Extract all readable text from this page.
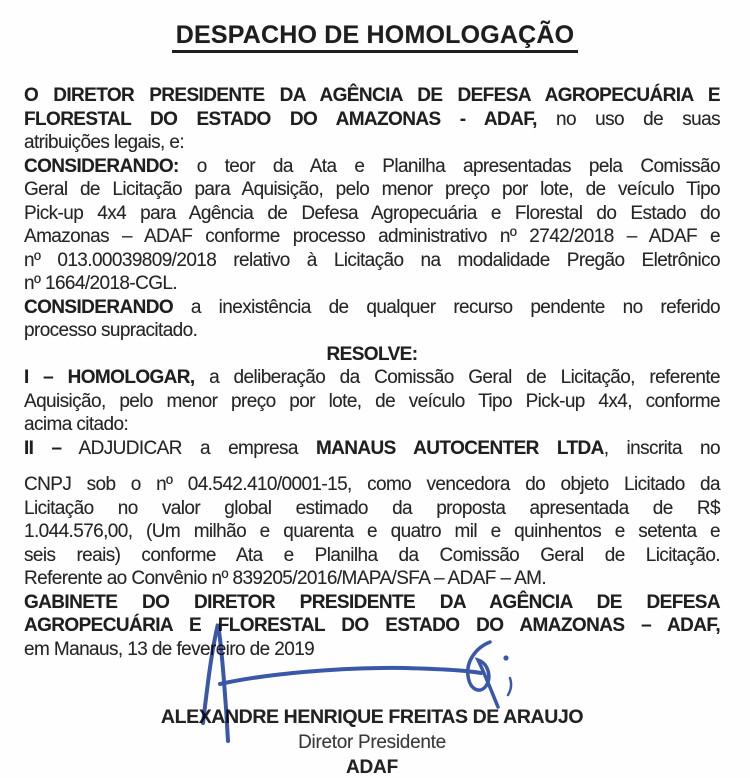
DESPACHO DE HOMOLOGAÇÃO
O DIRETOR PRESIDENTE DA AGÊNCIA DE DEFESA AGROPECUÁRIA E
FLORESTAL DO ESTADO DO AMAZONAS - ADAF, no uso de suas
atribuições legais, e:
CONSIDERANDO: o teor da Ata e Planilha apresentadas pela Comissão
Geral de Licitação para Aquisição, pelo menor preço por lote, de veículo Tipo
Pick-up 4x4 para Agência de Defesa Agropecuária e Florestal do Estado do
Amazonas – ADAF conforme processo administrativo nº 2742/2018 – ADAF e
nº 013.00039809/2018 relativo à Licitação na modalidade Pregão Eletrônico
nº 1664/2018-CGL.
CONSIDERANDO a inexistência de qualquer recurso pendente no referido
processo supracitado.
RESOLVE:
I – HOMOLOGAR, a deliberação da Comissão Geral de Licitação, referente
Aquisição, pelo menor preço por lote, de veículo Tipo Pick-up 4x4, conforme
acima citado:
II – ADJUDICAR a empresa MANAUS AUTOCENTER LTDA, inscrita no
CNPJ sob o nº 04.542.410/0001-15, como vencedora do objeto Licitado da
Licitação no valor global estimado da proposta apresentada de R$
1.044.576,00, (Um milhão e quarenta e quatro mil e quinhentos e setenta e
seis reais) conforme Ata e Planilha da Comissão Geral de Licitação.
Referente ao Convênio nº 839205/2016/MAPA/SFA – ADAF – AM.
GABINETE DO DIRETOR PRESIDENTE DA AGÊNCIA DE DEFESA
AGROPECUÁRIA E FLORESTAL DO ESTADO DO AMAZONAS – ADAF,
em Manaus, 13 de fevereiro de 2019
ALEXANDRE HENRIQUE FREITAS DE ARAUJO
Diretor Presidente
ADAF
